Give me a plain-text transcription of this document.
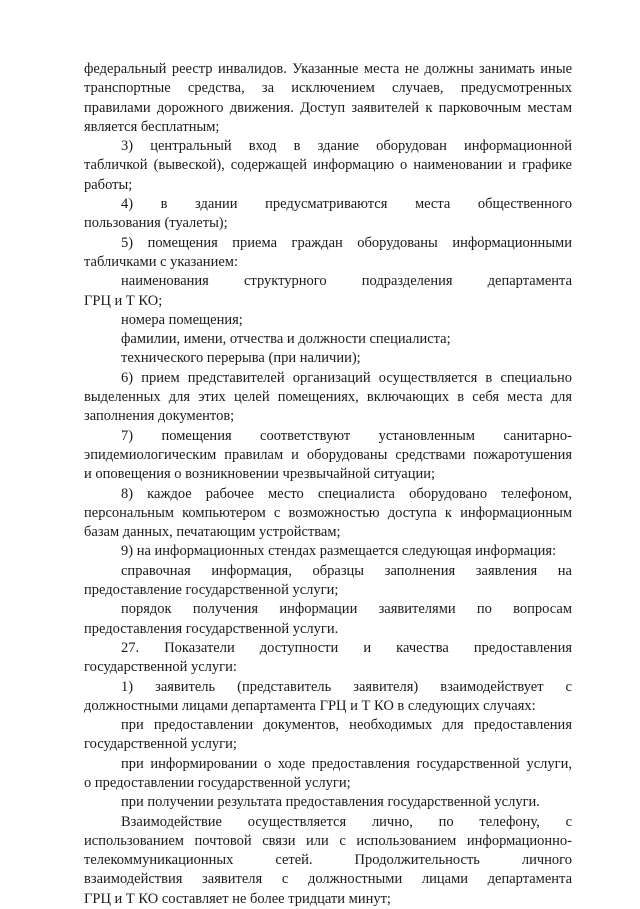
федеральный реестр инвалидов. Указанные места не должны занимать иные
транспортные средства, за исключением случаев, предусмотренных
правилами дорожного движения. Доступ заявителей к парковочным местам
является бесплатным;
3) центральный вход в здание оборудован информационной
табличкой (вывеской), содержащей информацию о наименовании и графике
работы;
4) в здании предусматриваются места общественного
пользования (туалеты);
5) помещения приема граждан оборудованы информационными
табличками с указанием:
наименования структурного подразделения департамента
ГРЦ и Т КО;
номера помещения;
фамилии, имени, отчества и должности специалиста;
технического перерыва (при наличии);
6) прием представителей организаций осуществляется в специально
выделенных для этих целей помещениях, включающих в себя места для
заполнения документов;
7) помещения соответствуют установленным санитарно-
эпидемиологическим правилам и оборудованы средствами пожаротушения
и оповещения о возникновении чрезвычайной ситуации;
8) каждое рабочее место специалиста оборудовано телефоном,
персональным компьютером с возможностью доступа к информационным
базам данных, печатающим устройствам;
9) на информационных стендах размещается следующая информация:
справочная информация, образцы заполнения заявления на
предоставление государственной услуги;
порядок получения информации заявителями по вопросам
предоставления государственной услуги.
27. Показатели доступности и качества предоставления
государственной услуги:
1) заявитель (представитель заявителя) взаимодействует с
должностными лицами департамента ГРЦ и Т КО в следующих случаях:
при предоставлении документов, необходимых для предоставления
государственной услуги;
при информировании о ходе предоставления государственной услуги,
о предоставлении государственной услуги;
при получении результата предоставления государственной услуги.
Взаимодействие осуществляется лично, по телефону, с
использованием почтовой связи или с использованием информационно-
телекоммуникационных сетей. Продолжительность личного
взаимодействия заявителя с должностными лицами департамента
ГРЦ и Т КО составляет не более тридцати минут;
